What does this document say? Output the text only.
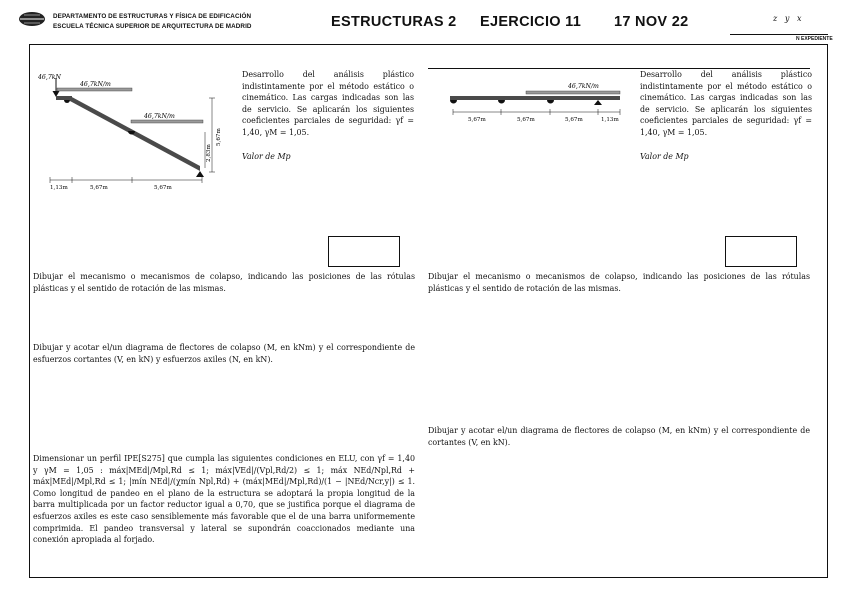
DEPARTAMENTO DE ESTRUCTURAS Y FÍSICA DE EDIFICACIÓN
ESCUELA TÉCNICA SUPERIOR DE ARQUITECTURA DE MADRID	ESTRUCTURAS 2 EJERCICIO 11 17 NOV 22	z   y   x
N EXPEDIENTE
46,7kN
46,7kN/m
46,7kN/m
5,67m
2,83m
1,13m	5,67m	5,67m
Desarrollo del análisis plástico indistintamente por el método estático o cinemático. Las cargas indicadas son las de servicio. Se aplicarán los siguientes coeficientes parciales de seguridad: γf = 1,40, γM = 1,05.
Valor de Mp
Dibujar el mecanismo o mecanismos de colapso, indicando las posiciones de las rótulas plásticas y el sentido de rotación de las mismas.
Dibujar y acotar el/un diagrama de flectores de colapso (M, en kNm) y el correspondiente de esfuerzos cortantes (V, en kN) y esfuerzos axiles (N, en kN).
Dimensionar un perfil IPE[S275] que cumpla las siguientes condiciones en ELU, con γf = 1,40 y γM = 1,05 : máx|MEd|/Mpl,Rd ≤ 1; máx|VEd|/(Vpl,Rd/2) ≤ 1; máx NEd/Npl,Rd + máx|MEd|/Mpl,Rd ≤ 1; |mín NEd|/(χmín Npl,Rd) + (máx|MEd|/Mpl,Rd)/(1 − |NEd/Ncr,y|) ≤ 1. Como longitud de pandeo en el plano de la estructura se adoptará la propia longitud de la barra multiplicada por un factor reductor igual a 0,70, que se justifica porque el diagrama de esfuerzos axiles es este caso sensiblemente más favorable que el de una barra uniformemente comprimida. El pandeo transversal y lateral se supondrán coaccionados mediante una conexión apropiada al forjado.
46,7kN/m
5,67m	5,67m	5,67m	1,13m
Desarrollo del análisis plástico indistintamente por el método estático o cinemático. Las cargas indicadas son las de servicio. Se aplicarán los siguientes coeficientes parciales de seguridad: γf = 1,40, γM = 1,05.
Valor de Mp
Dibujar el mecanismo o mecanismos de colapso, indicando las posiciones de las rótulas plásticas y el sentido de rotación de las mismas.
Dibujar y acotar el/un diagrama de flectores de colapso (M, en kNm) y el correspondiente de cortantes (V, en kN).
